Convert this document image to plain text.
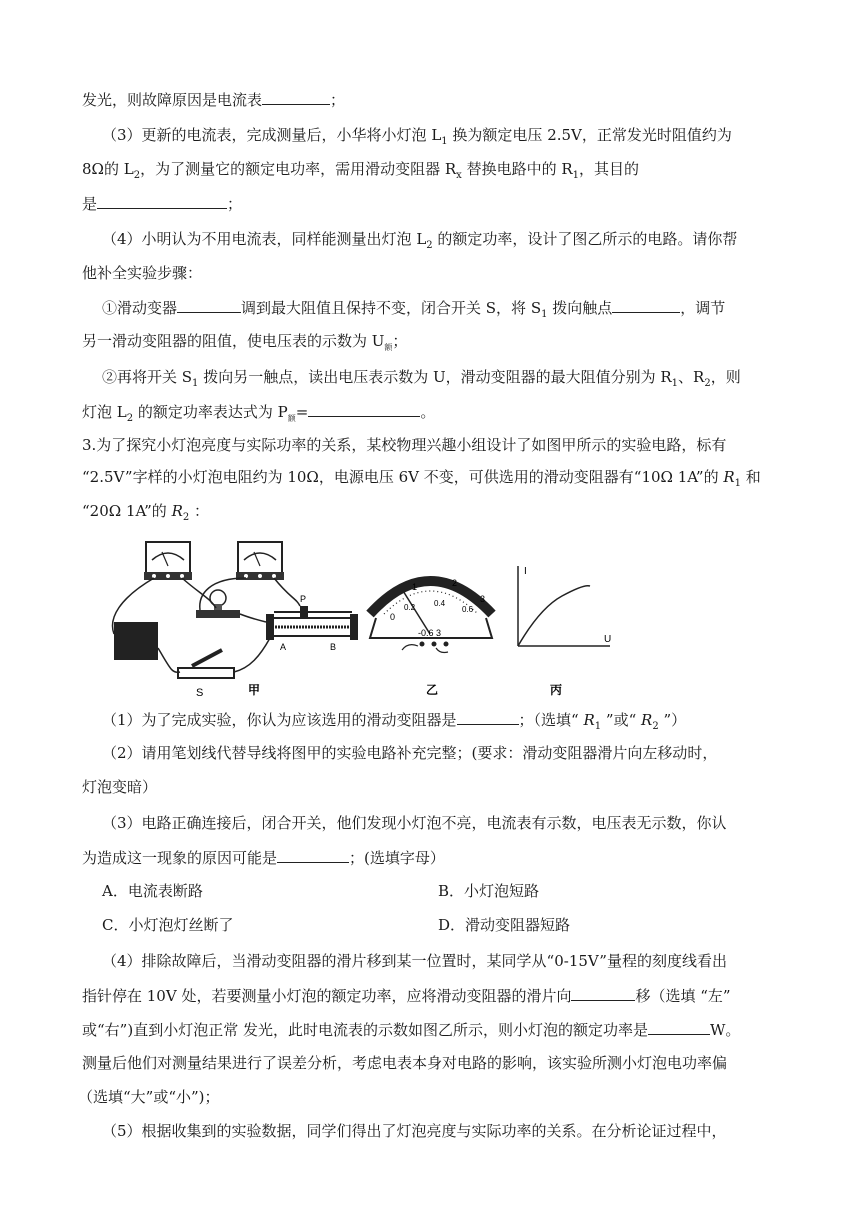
发光，则故障原因是电流表	；
（3）更新的电流表，完成测量后，小华将小灯泡 $L_1$ 换为额定电压 2.5V，正常发光时阻值约为
8Ω的 $L_2$，为了测量它的额定电功率，需用滑动变阻器 $R_x$ 替换电路中的 $R_1$，其目的
是	；
（4）小明认为不用电流表，同样能测量出灯泡 $L_2$ 的额定功率，设计了图乙所示的电路。请你帮
他补全实验步骤：
①滑动变器	调到最大阻值且保持不变，闭合开关 S，将 $S_1$ 拨向触点	，调节
另一滑动变阻器的阻值，使电压表的示数为 $U_额$；
②再将开关 $S_1$ 拨向另一触点，读出电压表示数为 U，滑动变阻器的最大阻值分别为 $R_1$、$R_2$，则
灯泡 $L_2$ 的额定功率表达式为 $P_额=$	。
3.为了探究小灯泡亮度与实际功率的关系，某校物理兴趣小组设计了如图甲所示的实验电路，标有
“2.5V”字样的小灯泡电阻约为 10Ω，电源电压 6V 不变，可供选用的滑动变阻器有“10Ω 1A”的 $R_1$ 和
“20Ω 1A”的 $R_2$ ：
P
A	B
S	甲
0
1	2
3
0.2 0.4
0.6
-0.6 3
乙
I
U
丙
（1）为了完成实验，你认为应该选用的滑动变阻器是	；（选填“ $R_1$ ”或“ $R_2$ ”）
（2）请用笔划线代替导线将图甲的实验电路补充完整；(要求：滑动变阻器滑片向左移动时，
灯泡变暗）
（3）电路正确连接后，闭合开关，他们发现小灯泡不亮，电流表有示数，电压表无示数，你认
为造成这一现象的原因可能是	；(选填字母）
A．电流表断路	B．小灯泡短路
C．小灯泡灯丝断了	D．滑动变阻器短路
（4）排除故障后，当滑动变阻器的滑片移到某一位置时，某同学从“0-15V”量程的刻度线看出
指针停在 10V 处，若要测量小灯泡的额定功率，应将滑动变阻器的滑片向	移（选填 “左”
或“右”)直到小灯泡正常 发光，此时电流表的示数如图乙所示，则小灯泡的额定功率是	W。
测量后他们对测量结果进行了误差分析，考虑电表本身对电路的影响，该实验所测小灯泡电功率偏
（选填“大”或“小”)；
（5）根据收集到的实验数据，同学们得出了灯泡亮度与实际功率的关系。在分析论证过程中，
